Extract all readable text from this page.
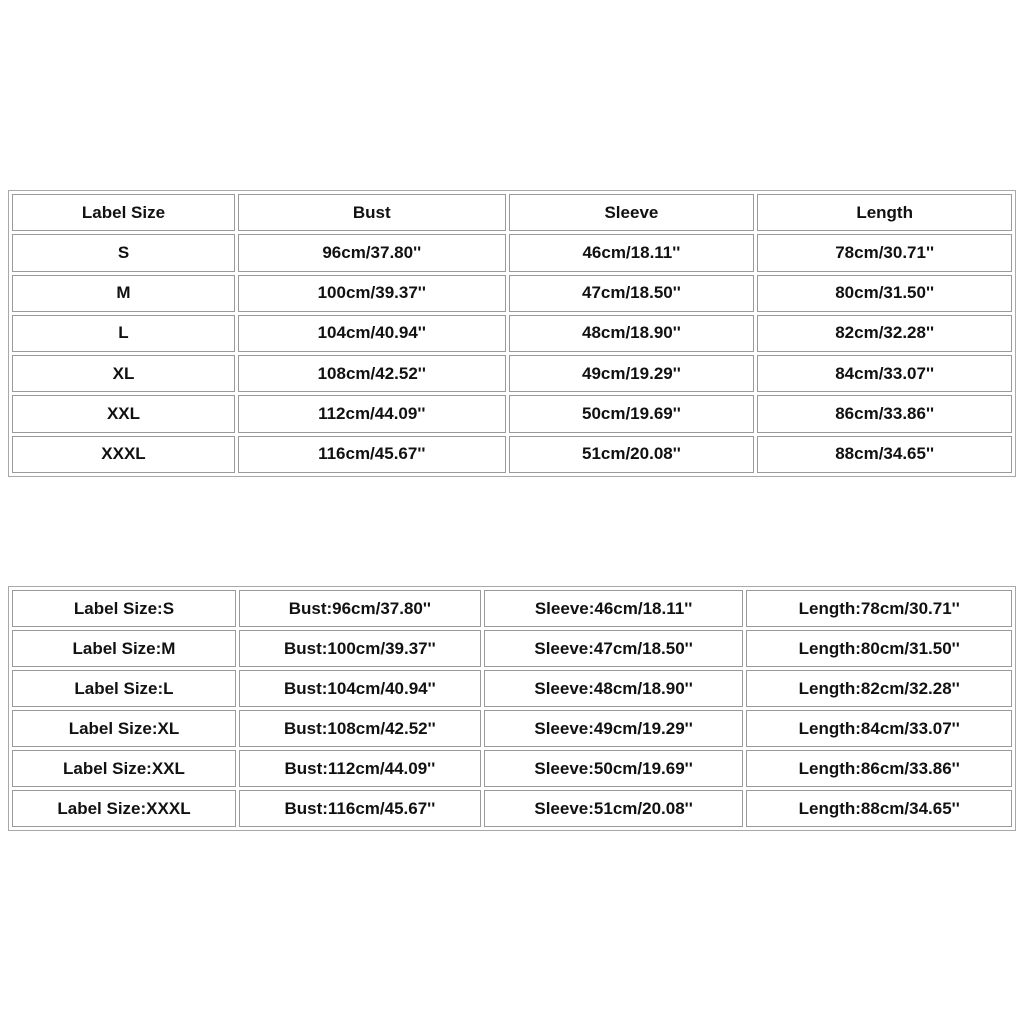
Label Size	Bust	Sleeve	Length
S	96cm/37.80''	46cm/18.11''	78cm/30.71''
M	100cm/39.37''	47cm/18.50''	80cm/31.50''
L	104cm/40.94''	48cm/18.90''	82cm/32.28''
XL	108cm/42.52''	49cm/19.29''	84cm/33.07''
XXL	112cm/44.09''	50cm/19.69''	86cm/33.86''
XXXL	116cm/45.67''	51cm/20.08''	88cm/34.65''
Label Size:S	Bust:96cm/37.80''	Sleeve:46cm/18.11''	Length:78cm/30.71''
Label Size:M	Bust:100cm/39.37''	Sleeve:47cm/18.50''	Length:80cm/31.50''
Label Size:L	Bust:104cm/40.94''	Sleeve:48cm/18.90''	Length:82cm/32.28''
Label Size:XL	Bust:108cm/42.52''	Sleeve:49cm/19.29''	Length:84cm/33.07''
Label Size:XXL	Bust:112cm/44.09''	Sleeve:50cm/19.69''	Length:86cm/33.86''
Label Size:XXXL	Bust:116cm/45.67''	Sleeve:51cm/20.08''	Length:88cm/34.65''
